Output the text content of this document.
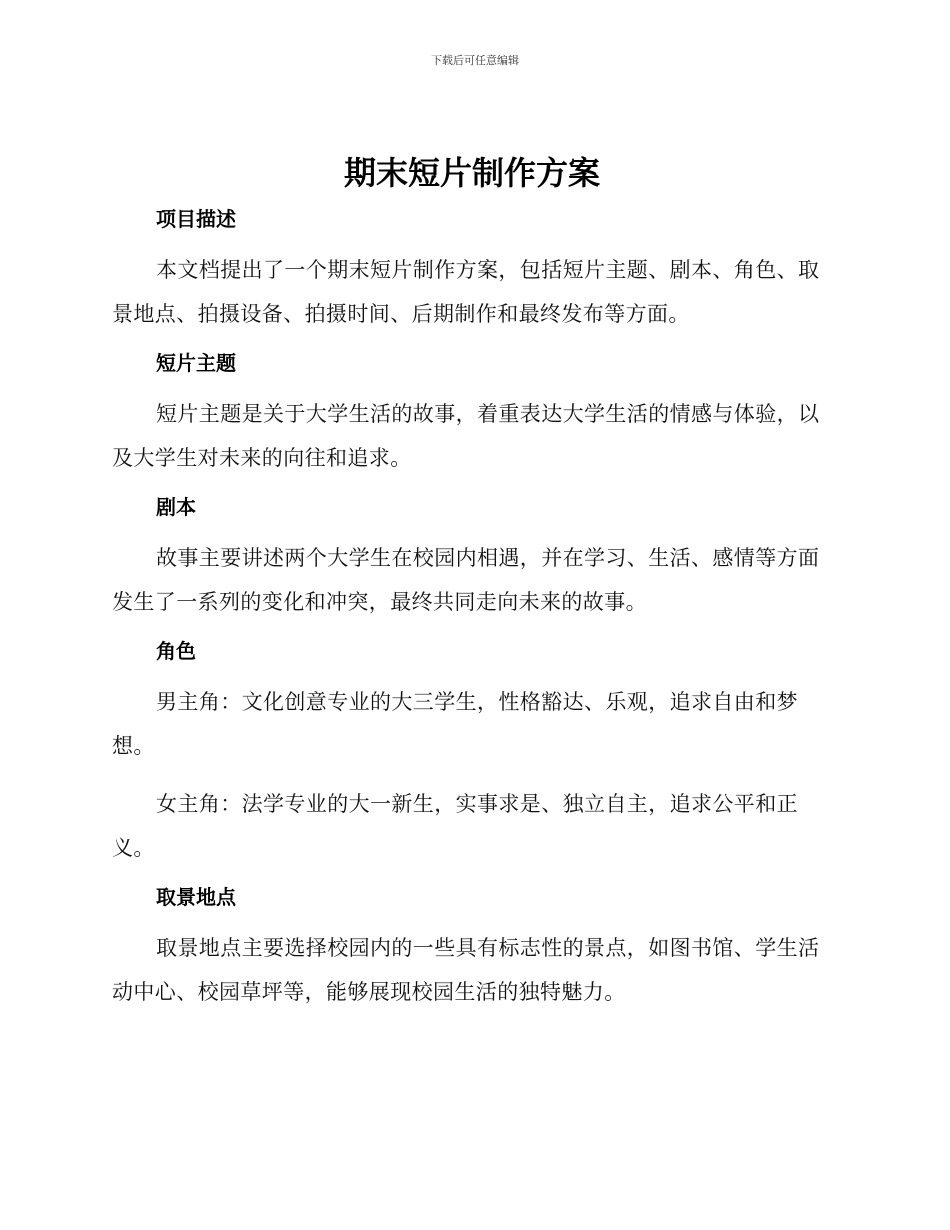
下载后可任意编辑
期末短片制作方案
项目描述

本文档提出了一个期末短片制作方案，包括短片主题、剧本、角色、取景地点、拍摄设备、拍摄时间、后期制作和最终发布等方面。

短片主题

短片主题是关于大学生活的故事，着重表达大学生活的情感与体验，以及大学生对未来的向往和追求。

剧本

故事主要讲述两个大学生在校园内相遇，并在学习、生活、感情等方面发生了一系列的变化和冲突，最终共同走向未来的故事。

角色

男主角：文化创意专业的大三学生，性格豁达、乐观，追求自由和梦想。

女主角：法学专业的大一新生，实事求是、独立自主，追求公平和正义。

取景地点

取景地点主要选择校园内的一些具有标志性的景点，如图书馆、学生活动中心、校园草坪等，能够展现校园生活的独特魅力。
